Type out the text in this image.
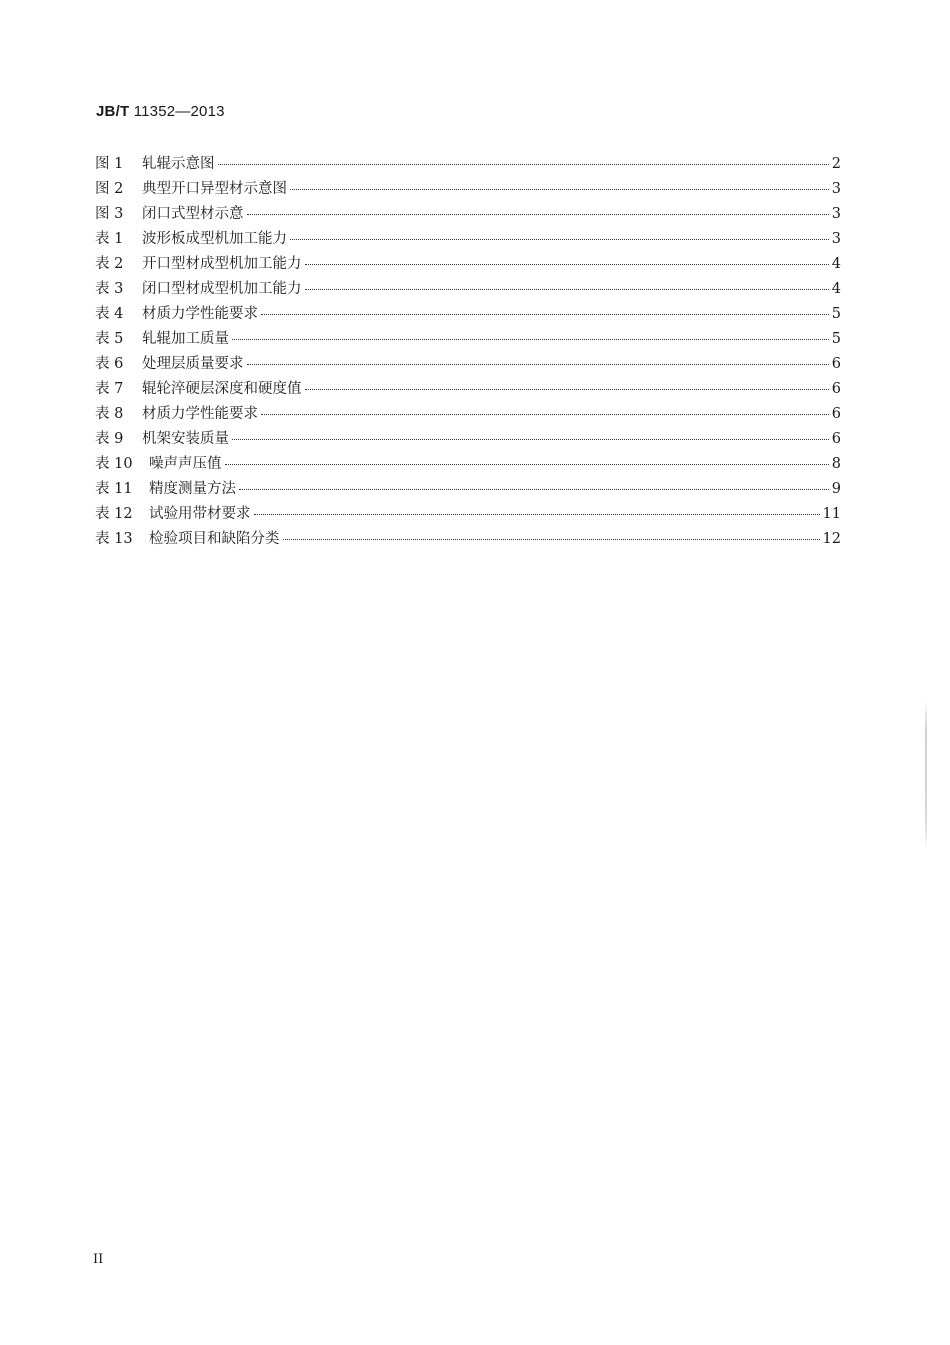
JB/T 11352—2013
图 1	轧辊示意图	2
图 2	典型开口异型材示意图	3
图 3	闭口式型材示意	3
表 1	波形板成型机加工能力	3
表 2	开口型材成型机加工能力	4
表 3	闭口型材成型机加工能力	4
表 4	材质力学性能要求	5
表 5	轧辊加工质量	5
表 6	处理层质量要求	6
表 7	辊轮淬硬层深度和硬度值	6
表 8	材质力学性能要求	6
表 9	机架安装质量	6
表 10	噪声声压值	8
表 11	精度测量方法	9
表 12	试验用带材要求	11
表 13	检验项目和缺陷分类	12
II
